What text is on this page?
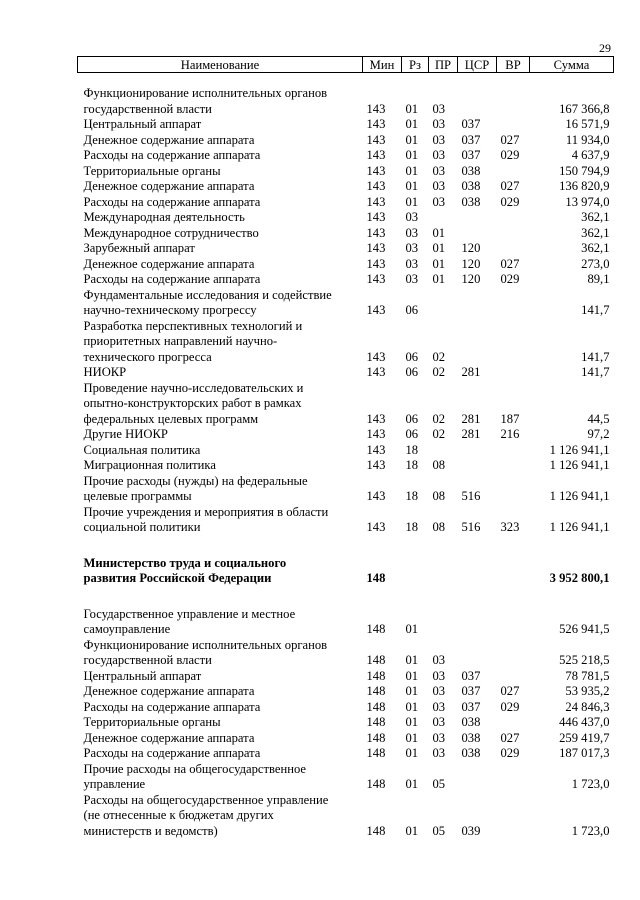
29
Наименование	Мин	Рз	ПР	ЦСР	ВР	Сумма

Функционирование исполнительных органов						
государственной власти	143	01	03			167 366,8
Центральный аппарат	143	01	03	037		16 571,9
Денежное содержание аппарата	143	01	03	037	027	11 934,0
Расходы на содержание аппарата	143	01	03	037	029	4 637,9
Территориальные органы	143	01	03	038		150 794,9
Денежное содержание аппарата	143	01	03	038	027	136 820,9
Расходы на содержание аппарата	143	01	03	038	029	13 974,0
Международная деятельность	143	03				362,1
Международное сотрудничество	143	03	01			362,1
Зарубежный аппарат	143	03	01	120		362,1
Денежное содержание аппарата	143	03	01	120	027	273,0
Расходы на содержание аппарата	143	03	01	120	029	89,1
Фундаментальные исследования и содействие						
научно-техническому прогрессу	143	06				141,7
Разработка перспективных технологий и						
приоритетных направлений научно-						
технического прогресса	143	06	02			141,7
НИОКР	143	06	02	281		141,7
Проведение научно-исследовательских и						
опытно-конструкторских работ в рамках						
федеральных целевых программ	143	06	02	281	187	44,5
Другие НИОКР	143	06	02	281	216	97,2
Социальная политика	143	18				1 126 941,1
Миграционная политика	143	18	08			1 126 941,1
Прочие расходы (нужды) на федеральные						
целевые программы	143	18	08	516		1 126 941,1
Прочие учреждения и мероприятия в области						
социальной политики	143	18	08	516	323	1 126 941,1

Министерство труда и социального						
развития Российской Федерации	148					3 952 800,1

Государственное управление и местное						
самоуправление	148	01				526 941,5
Функционирование исполнительных органов						
государственной власти	148	01	03			525 218,5
Центральный аппарат	148	01	03	037		78 781,5
Денежное содержание аппарата	148	01	03	037	027	53 935,2
Расходы на содержание аппарата	148	01	03	037	029	24 846,3
Территориальные органы	148	01	03	038		446 437,0
Денежное содержание аппарата	148	01	03	038	027	259 419,7
Расходы на содержание аппарата	148	01	03	038	029	187 017,3
Прочие расходы на общегосударственное						
управление	148	01	05			1 723,0
Расходы на общегосударственное управление						
(не отнесенные к бюджетам других						
министерств и ведомств)	148	01	05	039		1 723,0
